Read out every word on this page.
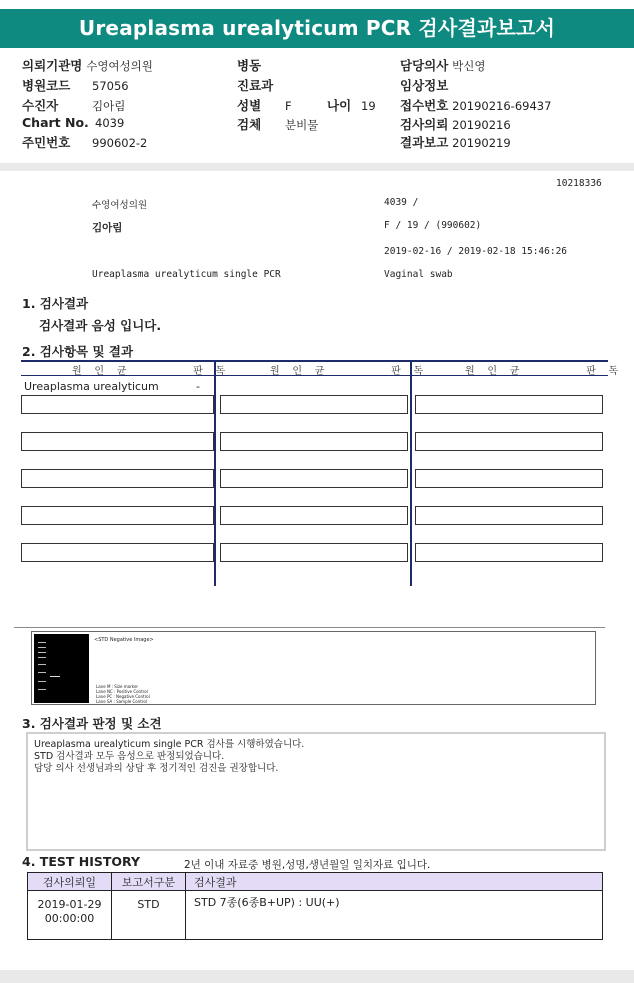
Ureaplasma urealyticum PCR 검사결과보고서
의뢰기관명 수영여성의원
병원코드 57056
수진자	김아림
Chart No. 4039
주민번호 990602-2
병동
진료과
성별 F	나이 19
검체 분비물
담당의사 박신영
임상정보
접수번호 20190216-69437
검사의뢰 20190216
결과보고 20190219
10218336
수영여성의원	4039 /
김아림	F / 19 / (990602)
2019-02-16 / 2019-02-18 15:46:26
Ureaplasma urealyticum single PCR	Vaginal swab
1. 검사결과
검사결과 음성 입니다.
2. 검사항목 및 결과
원    인    균                     판    독	원    인    균                     판    독	원    인    균                     판    독
Ureaplasma urealyticum	-
<STD Negative Image>
Lane M : Size marker
Lane NC : Positive Control
Lane PC : Negative Control
Lane SA : Sample Control
3. 검사결과 판정 및 소견
Ureaplasma urealyticum single PCR 검사를 시행하였습니다.
STD 검사결과 모두 음성으로 판정되었습니다.
담당 의사 선생님과의 상담 후 정기적인 검진을 권장합니다.
4. TEST HISTORY	2년 이내 자료중 병원,성명,생년월일 일치자료 입니다.
검사의뢰일	보고서구분	검사결과

2019-01-29
00:00:00	STD	STD 7종(6종B+UP) : UU(+)
